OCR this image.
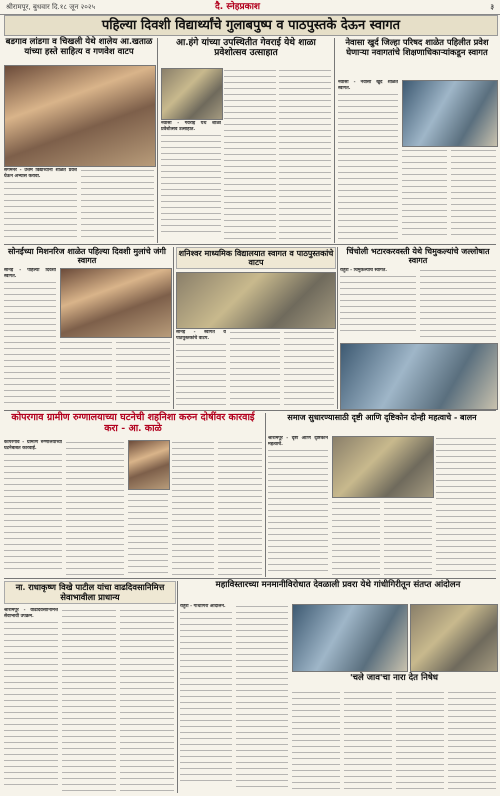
श्रीरामपूर, बुधवार दि.१८ जून २०२५	दै. स्नेहप्रकाश	३
पहिल्या दिवशी विद्यार्थ्यांचे गुलाबपुष्प व पाठपुस्तके देऊन स्वागत
बडगाव लांडगा व चिखली येथे शालेय आ.खताळ यांच्या हस्ते साहित्य व गणवेश वाटप
संगमनेर - उत्तम विद्यार्थ्यांनी शाळेत प्रवेश घेऊन अभ्यास करावा.
आ.हंगे यांच्या उपस्थितीत गेवराई येथे शाळा प्रवेशोत्सव उत्साहात
नेवासा - गेवराई येथे शाळा प्रवेशोत्सव उत्साहात.
नेवासा खुर्द जिल्हा परिषद शाळेत पहिलीत प्रवेश घेणाऱ्या नवागतांचे शिक्षणाधिकाऱ्यांकडून स्वागत
नेवासा - नेवासा खुर्द शाळेत स्वागत.
सोनईच्या मिशनरिज शाळेत पहिल्या दिवशी मुलांचे जंगी स्वागत
सोनई - पहिल्या दिवशी स्वागत.
शनिश्वर माध्यमिक विद्यालयात स्वागत व पाठपुस्तकांचे वाटप
सोनई - स्वागत व पाठपुस्तकांचे वाटप.
चिंचोली भटारकरवस्ती येथे चिमुकल्यांचे जल्लोषात स्वागत
राहुरी - चिमुकल्यांचे स्वागत.
कोपरगाव ग्रामीण रुग्णालयाच्या घटनेची शहनिशा करुन दोषींवर कारवाई करा - आ. काळे
कोपरगाव - ग्रामीण रुग्णालयाच्या घटनेबाबत कारवाई.
समाज सुधारण्यासाठी दृष्टी आणि दृष्टिकोन दोन्ही महत्वाचे - बालन
श्रीरामपूर - दृष्टी आणि दृष्टिकोन महत्वाचे.
ना. राधाकृष्ण विखे पाटील यांचा वाढदिवसानिमित्त सेवाभावीला प्राधान्य
श्रीरामपूर - वाढदिवसानिमित्त सेवाभावी उपक्रम.
महाविस्तारच्या मनमानीविरोधात देवळाली प्रवरा येथे गांधीगिरीतून संतप्त आंदोलन
राहुरी - गांधीगिरी आंदोलन.
'चले जाव'चा नारा देत निषेध
